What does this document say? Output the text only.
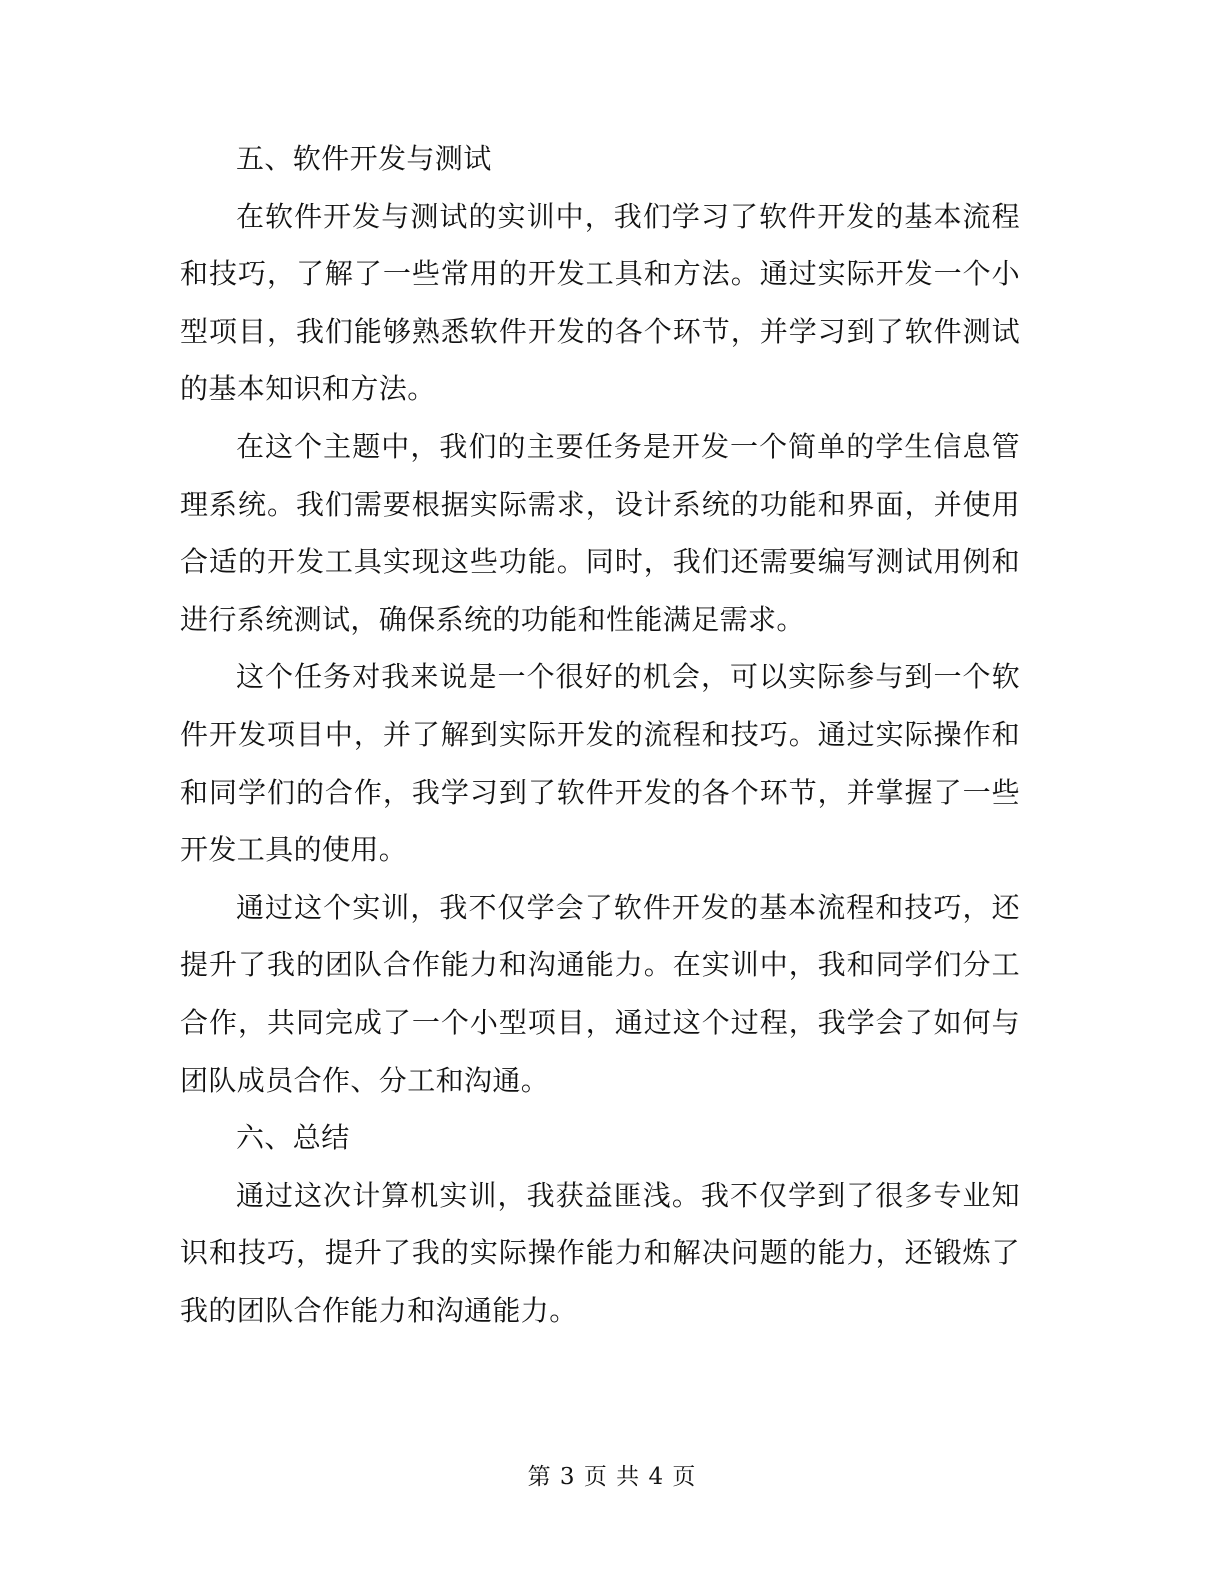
五、软件开发与测试

在软件开发与测试的实训中，我们学习了软件开发的基本流程和技巧，了解了一些常用的开发工具和方法。通过实际开发一个小型项目，我们能够熟悉软件开发的各个环节，并学习到了软件测试的基本知识和方法。

在这个主题中，我们的主要任务是开发一个简单的学生信息管理系统。我们需要根据实际需求，设计系统的功能和界面，并使用合适的开发工具实现这些功能。同时，我们还需要编写测试用例和进行系统测试，确保系统的功能和性能满足需求。

这个任务对我来说是一个很好的机会，可以实际参与到一个软件开发项目中，并了解到实际开发的流程和技巧。通过实际操作和和同学们的合作，我学习到了软件开发的各个环节，并掌握了一些开发工具的使用。

通过这个实训，我不仅学会了软件开发的基本流程和技巧，还提升了我的团队合作能力和沟通能力。在实训中，我和同学们分工合作，共同完成了一个小型项目，通过这个过程，我学会了如何与团队成员合作、分工和沟通。

六、总结

通过这次计算机实训，我获益匪浅。我不仅学到了很多专业知识和技巧，提升了我的实际操作能力和解决问题的能力，还锻炼了我的团队合作能力和沟通能力。

第 3 页 共 4 页
